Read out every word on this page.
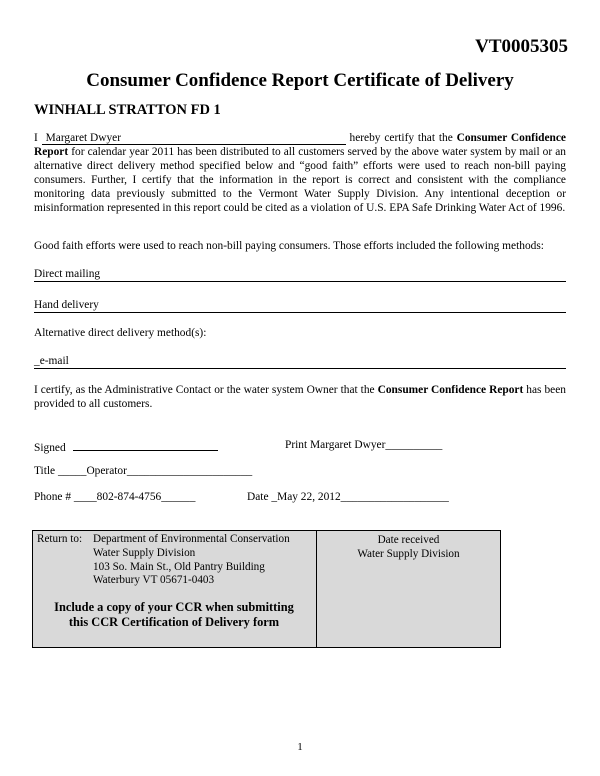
VT0005305
Consumer Confidence Report Certificate of Delivery
WINHALL STRATTON FD 1
I Margaret Dwyer	hereby certify that the Consumer Confidence Report for calendar year 2011 has been distributed to all customers served by the above water system by mail or an alternative direct delivery method specified below and “good faith” efforts were used to reach non-bill paying consumers. Further, I certify that the information in the report is correct and consistent with the compliance monitoring data previously submitted to the Vermont Water Supply Division. Any intentional deception or misinformation represented in this report could be cited as a violation of U.S. EPA Safe Drinking Water Act of 1996.
Good faith efforts were used to reach non-bill paying consumers. Those efforts included the following methods:
Direct mailing
Hand delivery
Alternative direct delivery method(s):
_e-mail
I certify, as the Administrative Contact or the water system Owner that the Consumer Confidence Report has been provided to all customers.
Signed	Print Margaret Dwyer__________
Title _____Operator______________________
Phone # ____802-874-4756______	Date _May 22, 2012___________________
Return to: Department of Environmental Conservation
Water Supply Division
103 So. Main St., Old Pantry Building
Waterbury VT 05671-0403
Include a copy of your CCR when submitting
this CCR Certification of Delivery form
Date received
Water Supply Division
1
